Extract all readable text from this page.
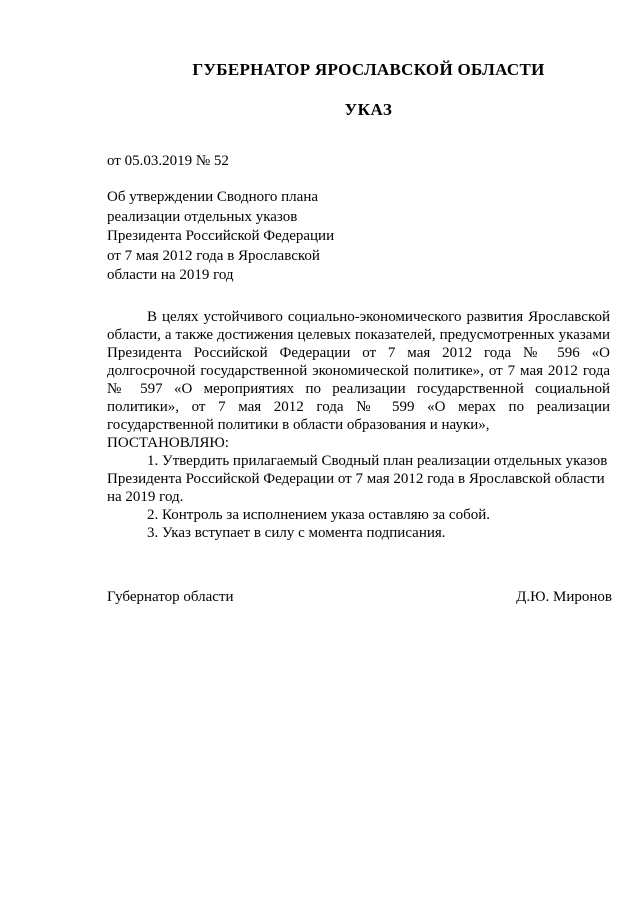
ГУБЕРНАТОР ЯРОСЛАВСКОЙ ОБЛАСТИ
УКАЗ
от 05.03.2019 № 52
Об утверждении Сводного плана
реализации отдельных указов
Президента Российской Федерации
от 7 мая 2012 года в Ярославской
области на 2019 год

В целях устойчивого социально-экономического развития Ярославской области, а также достижения целевых показателей, предусмотренных указами Президента Российской Федерации от 7 мая 2012 года № 596 «О долгосрочной государственной экономической политике», от 7 мая 2012 года № 597 «О мероприятиях по реализации государственной социальной политики», от 7 мая 2012 года № 599 «О мерах по реализации государственной политики в области образования и науки»,

ПОСТАНОВЛЯЮ:

1. Утвердить прилагаемый Сводный план реализации отдельных указов Президента Российской Федерации от 7 мая 2012 года в Ярославской области на 2019 год.

2. Контроль за исполнением указа оставляю за собой.

3. Указ вступает в силу с момента подписания.

Губернатор области	Д.Ю. Миронов
